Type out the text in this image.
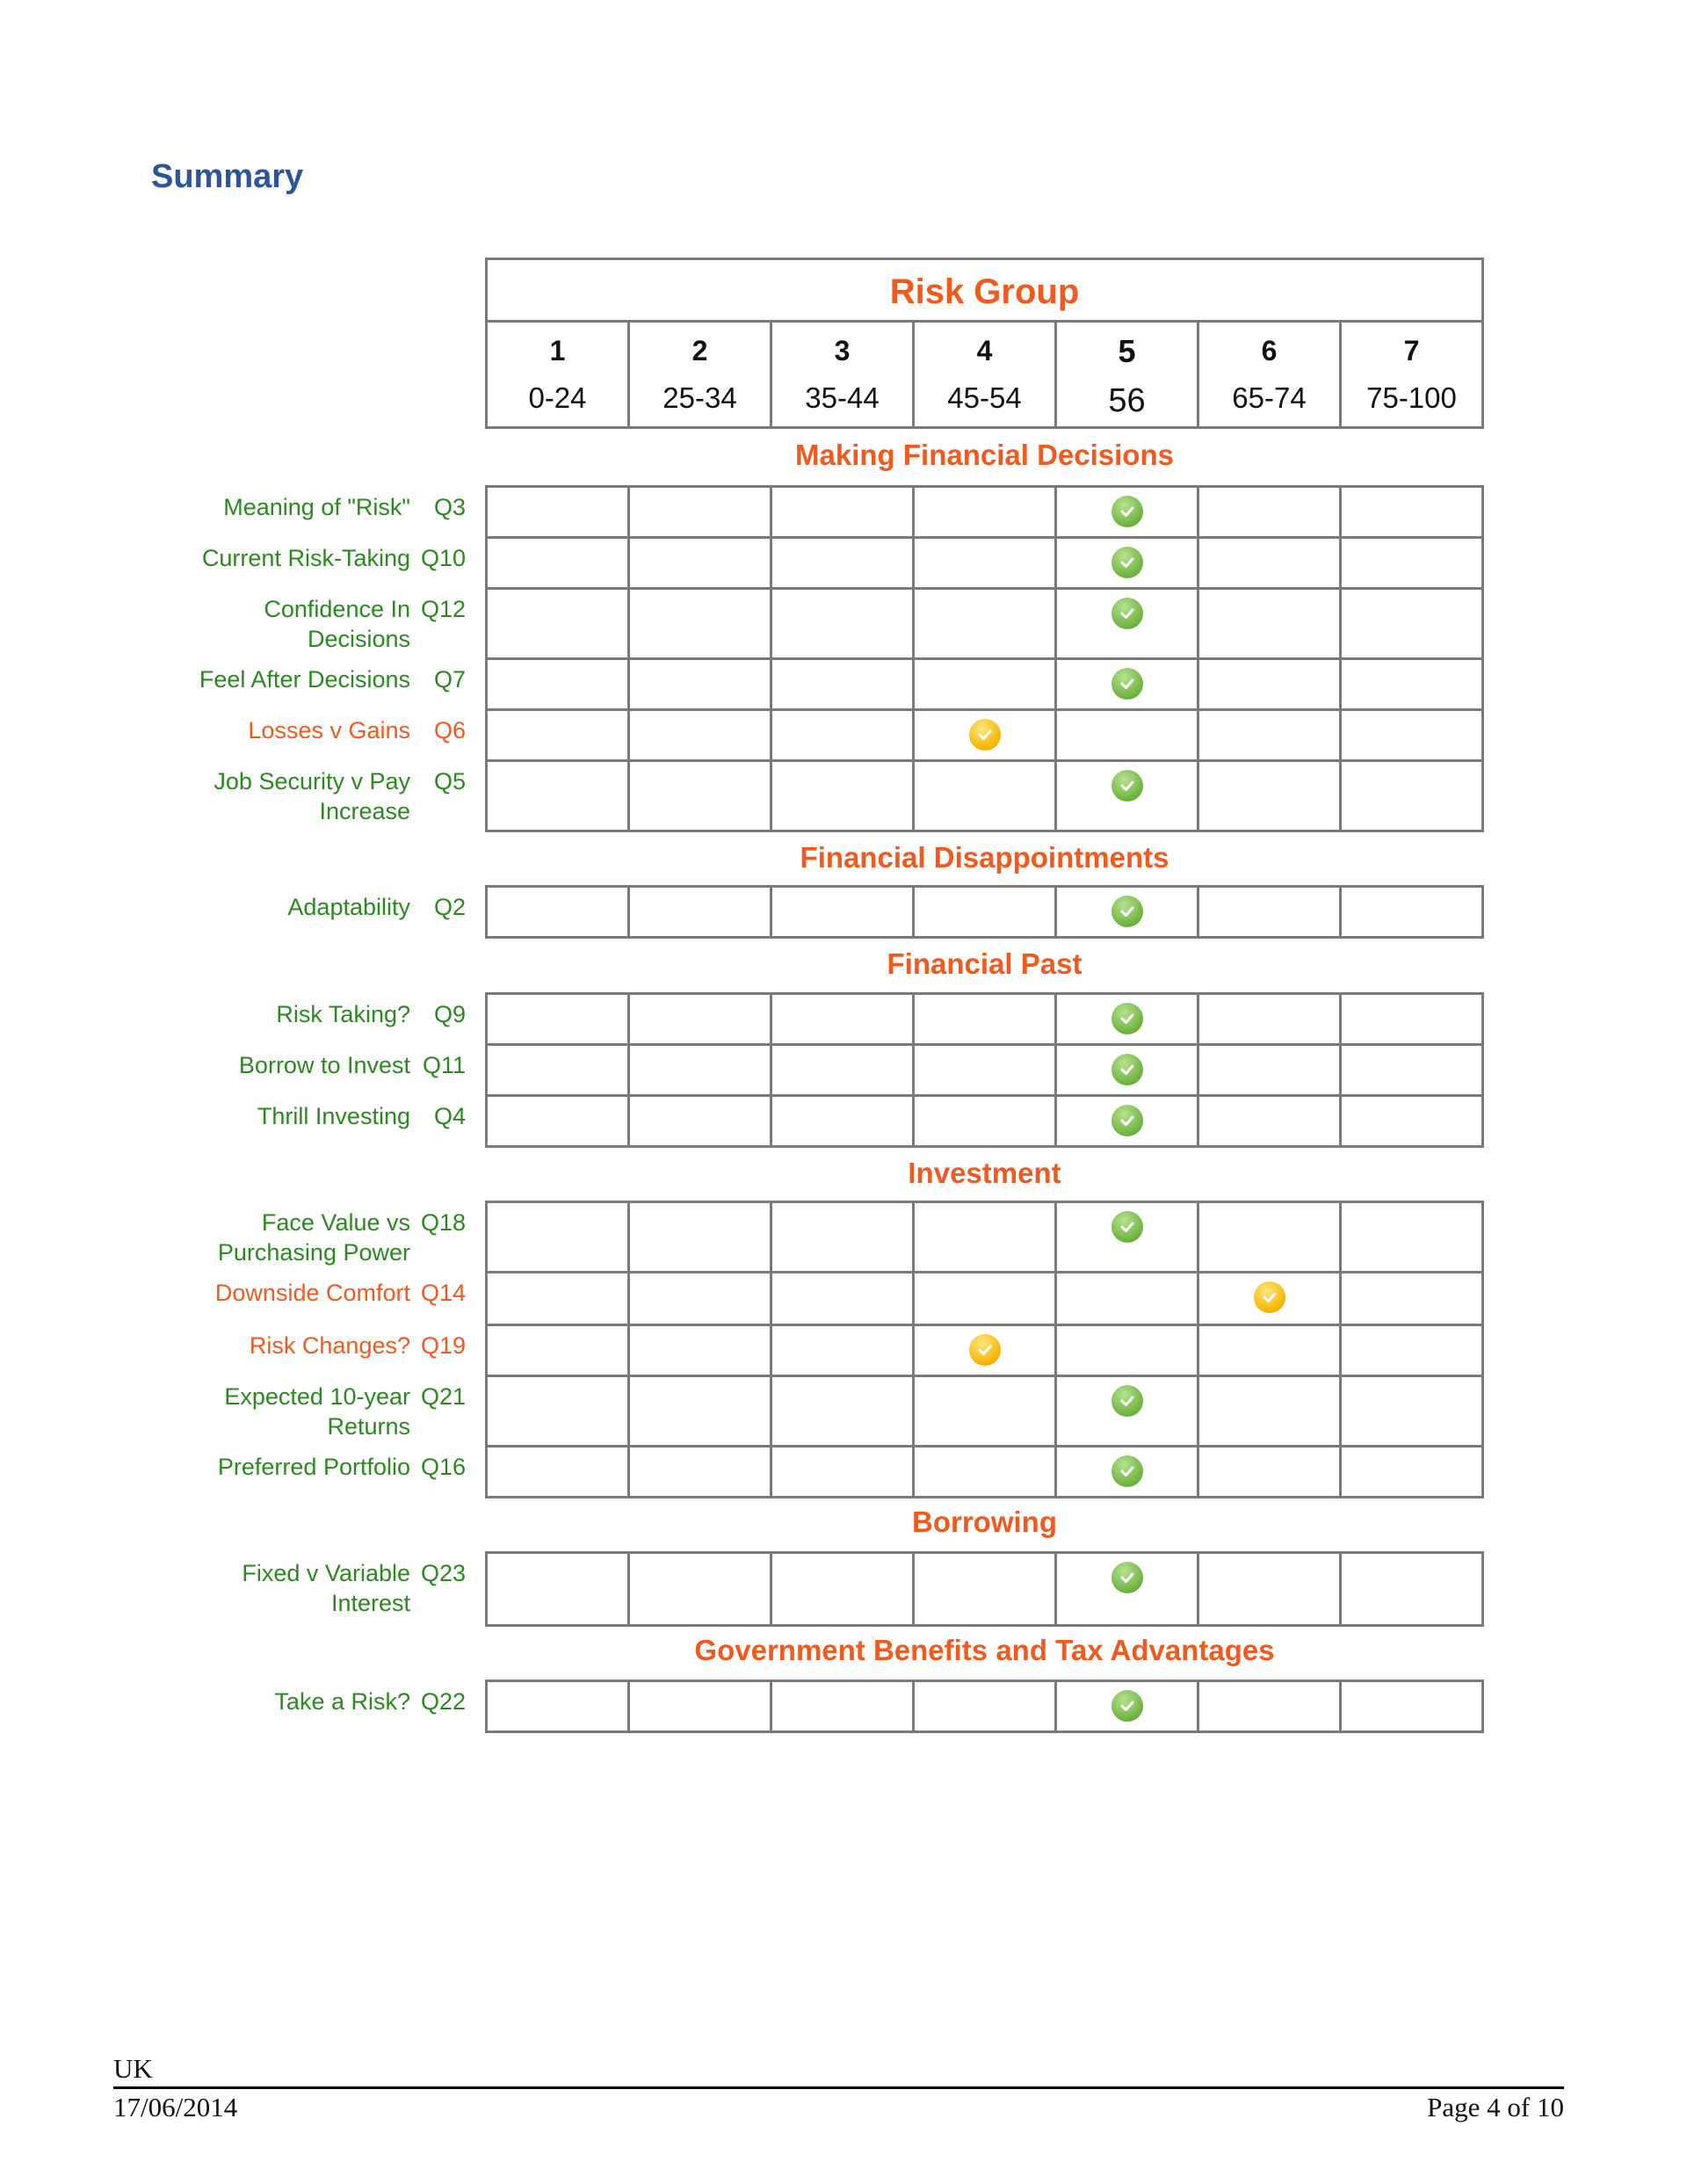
Summary
Risk Group
1
0-24
2
25-34
3
35-44
4
45-54
5
56
6
65-74
7
75-100
Making Financial Decisions
Meaning of "Risk" Q3
Current Risk-Taking Q10
Confidence In
Decisions
Q12
Feel After Decisions Q7
Losses v Gains Q6
Job Security v Pay
Increase
Q5
Financial Disappointments
Adaptability Q2
Financial Past
Risk Taking? Q9
Borrow to Invest Q11
Thrill Investing Q4
Investment
Face Value vs
Purchasing Power
Q18
Downside Comfort Q14
Risk Changes? Q19
Expected 10-year
Returns
Q21
Preferred Portfolio Q16
Borrowing
Fixed v Variable
Interest
Q23
Government Benefits and Tax Advantages
Take a Risk? Q22
UK
17/06/2014	Page 4 of 10
